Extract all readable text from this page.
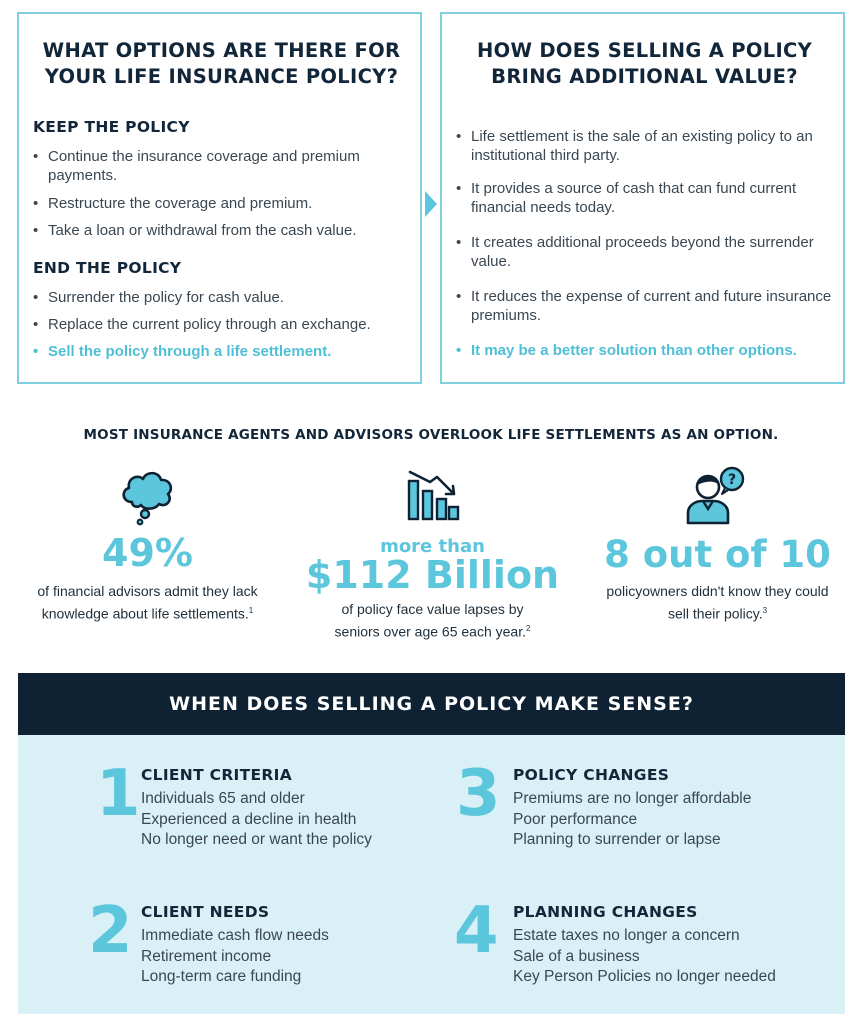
WHAT OPTIONS ARE THERE FOR YOUR LIFE INSURANCE POLICY?
KEEP THE POLICY
• Continue the insurance coverage and premium payments.
• Restructure the coverage and premium.
• Take a loan or withdrawal from the cash value.
END THE POLICY
• Surrender the policy for cash value.
• Replace the current policy through an exchange.
• Sell the policy through a life settlement.
HOW DOES SELLING A POLICY BRING ADDITIONAL VALUE?
• Life settlement is the sale of an existing policy to an institutional third party.
• It provides a source of cash that can fund current financial needs today.
• It creates additional proceeds beyond the surrender value.
• It reduces the expense of current and future insurance premiums.
• It may be a better solution than other options.
MOST INSURANCE AGENTS AND ADVISORS OVERLOOK LIFE SETTLEMENTS AS AN OPTION.
49%
of financial advisors admit they lack
knowledge about life settlements.$^1$
more than
$112 Billion
of policy face value lapses by
seniors over age 65 each year.$^2$
?
8 out of 10
policyowners didn't know they could
sell their policy.$^3$
WHEN DOES SELLING A POLICY MAKE SENSE?
1 CLIENT CRITERIA
Individuals 65 and older
Experienced a decline in health
No longer need or want the policy
2 CLIENT NEEDS
Immediate cash flow needs
Retirement income
Long-term care funding
3 POLICY CHANGES
Premiums are no longer affordable
Poor performance
Planning to surrender or lapse
4 PLANNING CHANGES
Estate taxes no longer a concern
Sale of a business
Key Person Policies no longer needed
